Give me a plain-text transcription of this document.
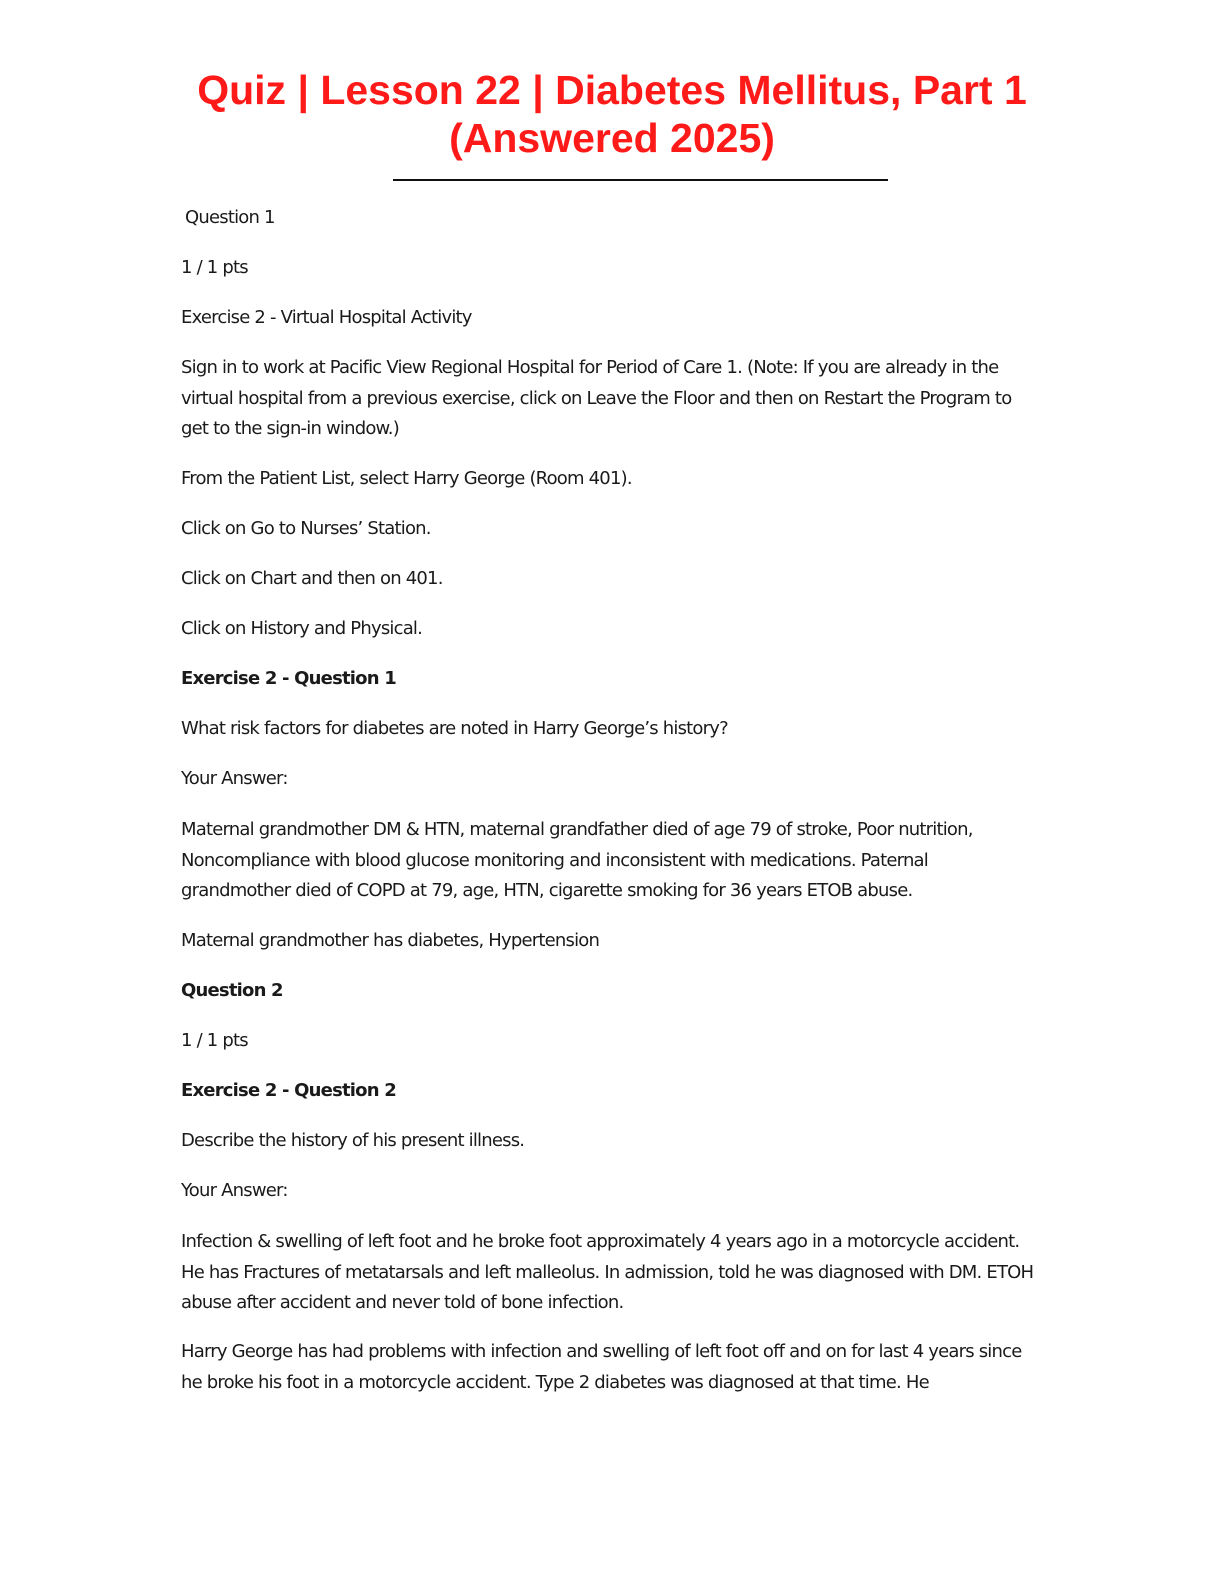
Quiz | Lesson 22 | Diabetes Mellitus, Part 1
(Answered 2025)
Question 1
1 / 1 pts
Exercise 2 - Virtual Hospital Activity
Sign in to work at Pacific View Regional Hospital for Period of Care 1. (Note: If you are already in the virtual hospital from a previous exercise, click on Leave the Floor and then on Restart the Program to get to the sign-in window.)
From the Patient List, select Harry George (Room 401).
Click on Go to Nurses’ Station.
Click on Chart and then on 401.
Click on History and Physical.
Exercise 2 - Question 1
What risk factors for diabetes are noted in Harry George’s history?
Your Answer:
Maternal grandmother DM & HTN, maternal grandfather died of age 79 of stroke, Poor nutrition, Noncompliance with blood glucose monitoring and inconsistent with medications. Paternal grandmother died of COPD at 79, age, HTN, cigarette smoking for 36 years ETOB abuse.
Maternal grandmother has diabetes, Hypertension
Question 2
1 / 1 pts
Exercise 2 - Question 2
Describe the history of his present illness.
Your Answer:
Infection & swelling of left foot and he broke foot approximately 4 years ago in a motorcycle accident. He has Fractures of metatarsals and left malleolus. In admission, told he was diagnosed with DM. ETOH abuse after accident and never told of bone infection.
Harry George has had problems with infection and swelling of left foot off and on for last 4 years since he broke his foot in a motorcycle accident. Type 2 diabetes was diagnosed at that time. He
